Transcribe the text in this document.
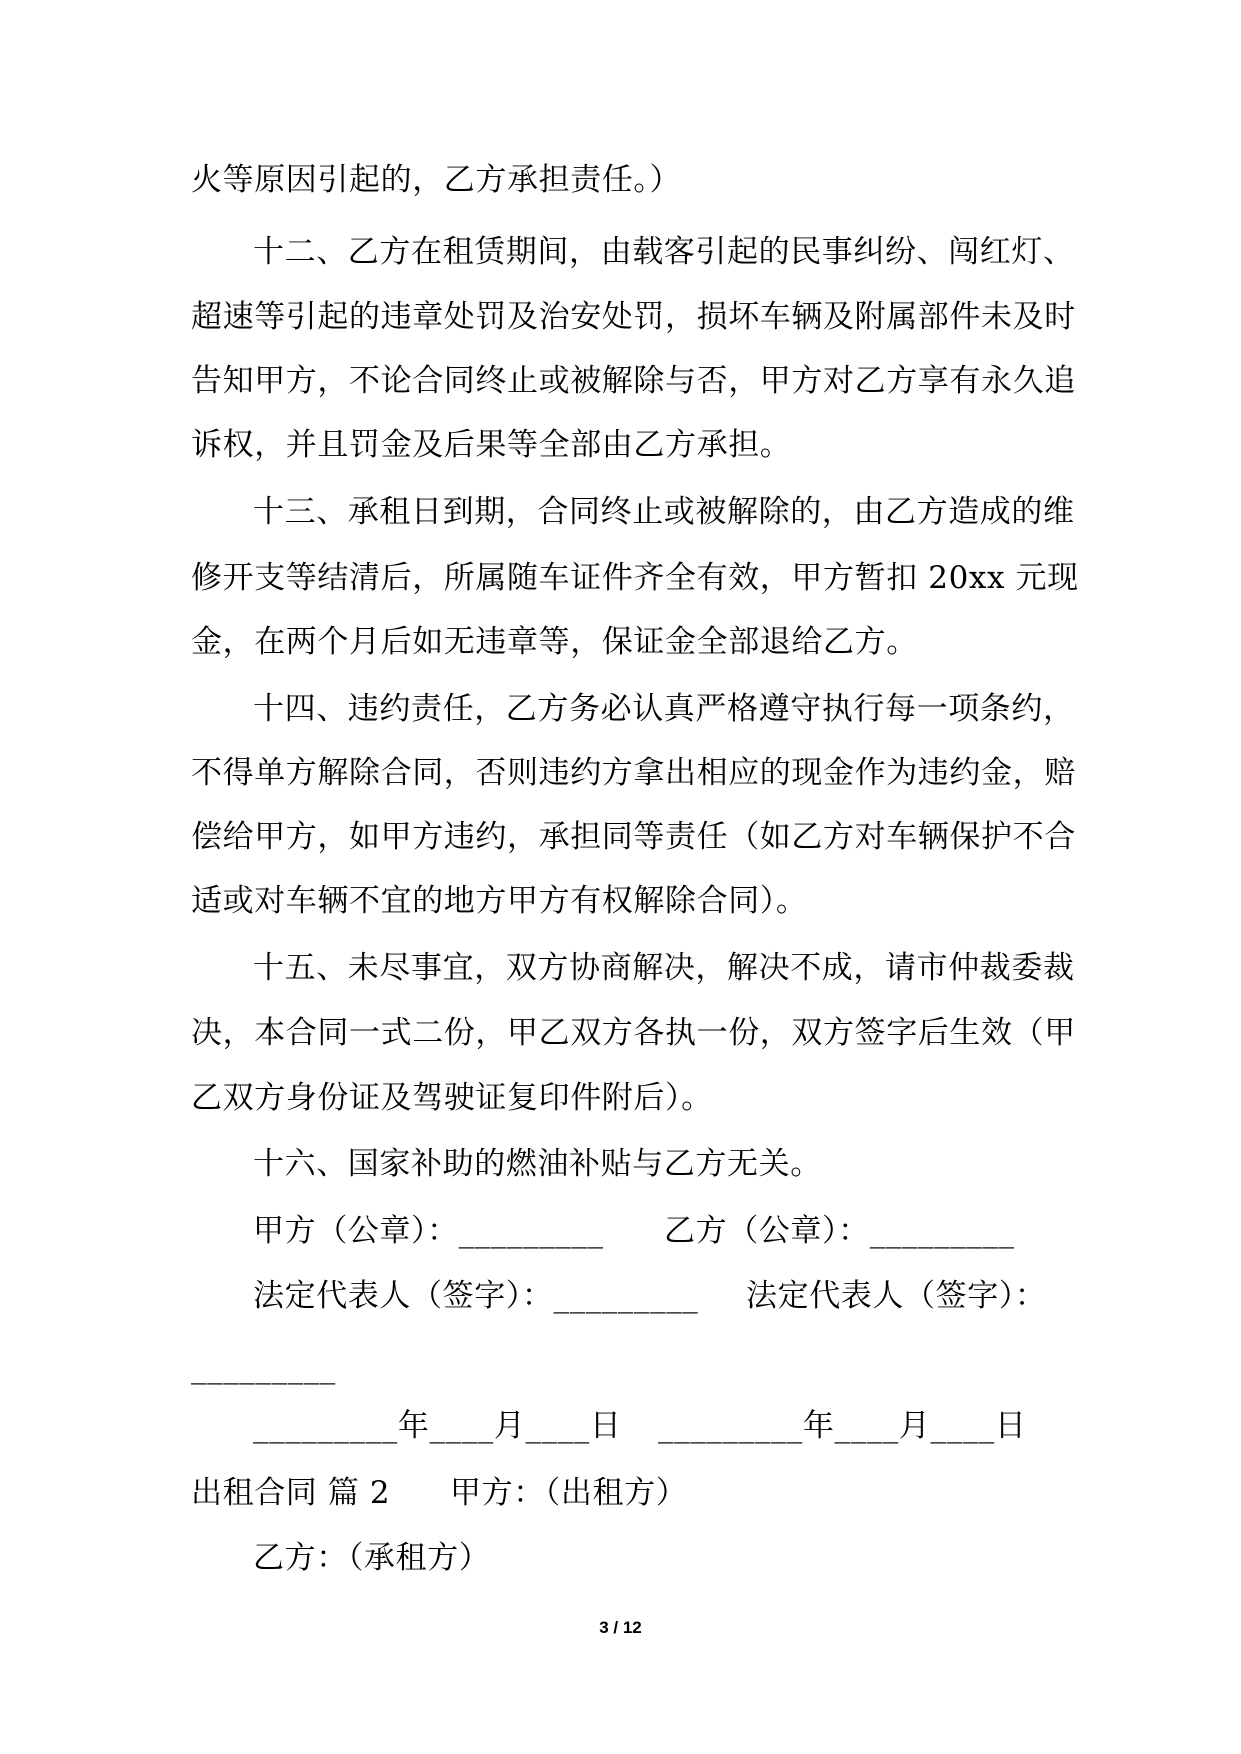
火等原因引起的，乙方承担责任。）
十二、乙方在租赁期间，由载客引起的民事纠纷、闯红灯、
超速等引起的违章处罚及治安处罚，损坏车辆及附属部件未及时
告知甲方，不论合同终止或被解除与否，甲方对乙方享有永久追
诉权，并且罚金及后果等全部由乙方承担。
十三、承租日到期，合同终止或被解除的，由乙方造成的维
修开支等结清后，所属随车证件齐全有效，甲方暂扣 20xx 元现
金，在两个月后如无违章等，保证金全部退给乙方。
十四、违约责任，乙方务必认真严格遵守执行每一项条约，
不得单方解除合同，否则违约方拿出相应的现金作为违约金，赔
偿给甲方，如甲方违约，承担同等责任（如乙方对车辆保护不合
适或对车辆不宜的地方甲方有权解除合同）。
十五、未尽事宜，双方协商解决，解决不成，请市仲裁委裁
决，本合同一式二份，甲乙双方各执一份，双方签字后生效（甲
乙双方身份证及驾驶证复印件附后）。
十六、国家补助的燃油补贴与乙方无关。
甲方（公章）：_________ 乙方（公章）：_________
法定代表人（签字）：_________ 法定代表人（签字）：
_________
_________年____月____日 _________年____月____日
出租合同 篇 2 甲方：（出租方）
乙方：（承租方）
3 / 12
